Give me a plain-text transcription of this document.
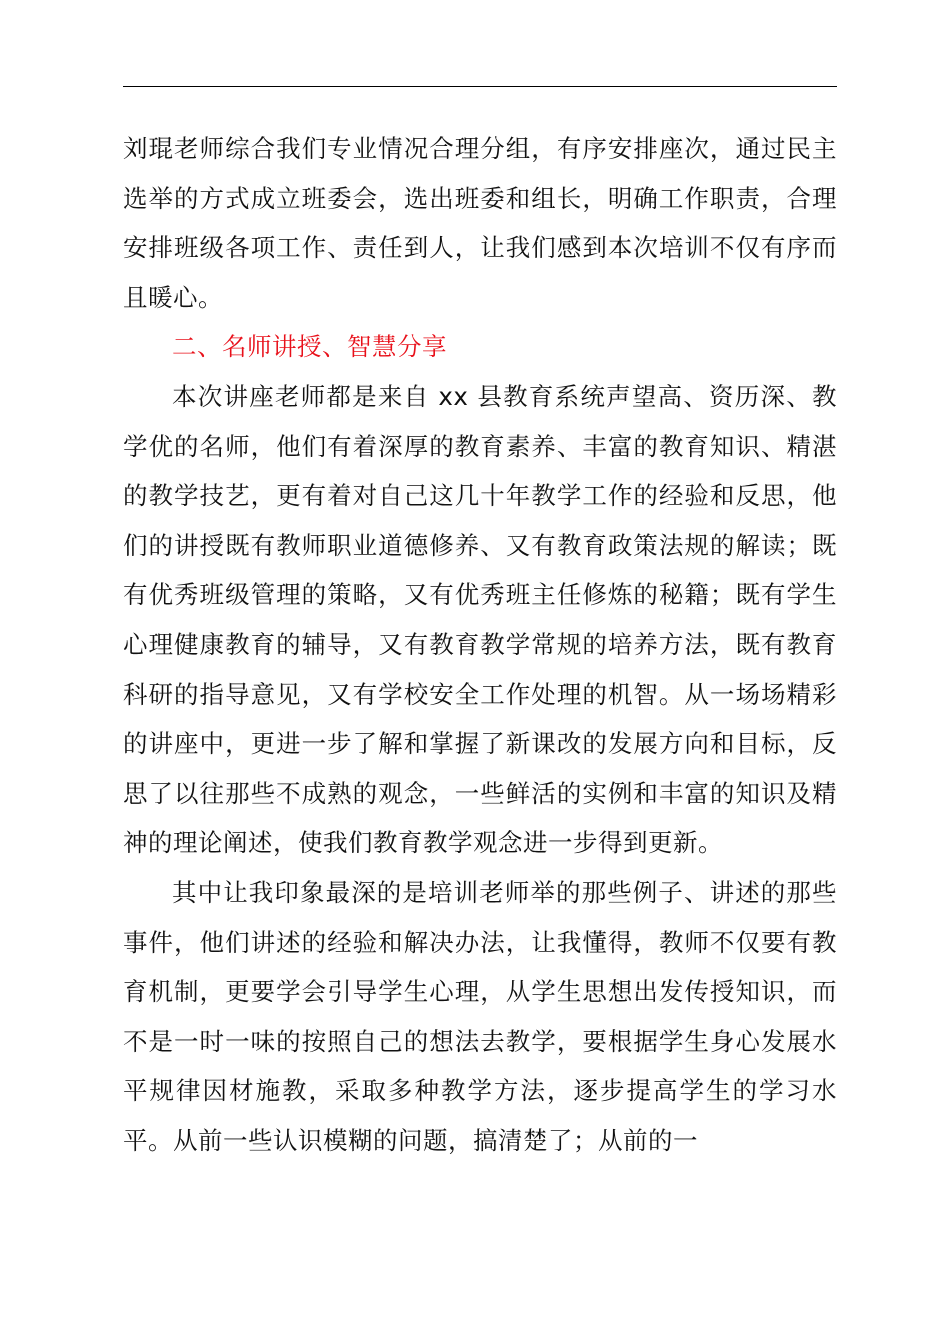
刘琨老师综合我们专业情况合理分组，有序安排座次，通过民主选举的方式成立班委会，选出班委和组长，明确工作职责，合理安排班级各项工作、责任到人，让我们感到本次培训不仅有序而且暖心。

二、名师讲授、智慧分享

本次讲座老师都是来自 xx 县教育系统声望高、资历深、教学优的名师，他们有着深厚的教育素养、丰富的教育知识、精湛的教学技艺，更有着对自己这几十年教学工作的经验和反思，他们的讲授既有教师职业道德修养、又有教育政策法规的解读；既有优秀班级管理的策略，又有优秀班主任修炼的秘籍；既有学生心理健康教育的辅导，又有教育教学常规的培养方法，既有教育科研的指导意见，又有学校安全工作处理的机智。从一场场精彩的讲座中，更进一步了解和掌握了新课改的发展方向和目标，反思了以往那些不成熟的观念，一些鲜活的实例和丰富的知识及精神的理论阐述，使我们教育教学观念进一步得到更新。

其中让我印象最深的是培训老师举的那些例子、讲述的那些事件，他们讲述的经验和解决办法，让我懂得，教师不仅要有教育机制，更要学会引导学生心理，从学生思想出发传授知识，而不是一时一味的按照自己的想法去教学，要根据学生身心发展水平规律因材施教，采取多种教学方法，逐步提高学生的学习水平。从前一些认识模糊的问题，搞清楚了；从前的一
